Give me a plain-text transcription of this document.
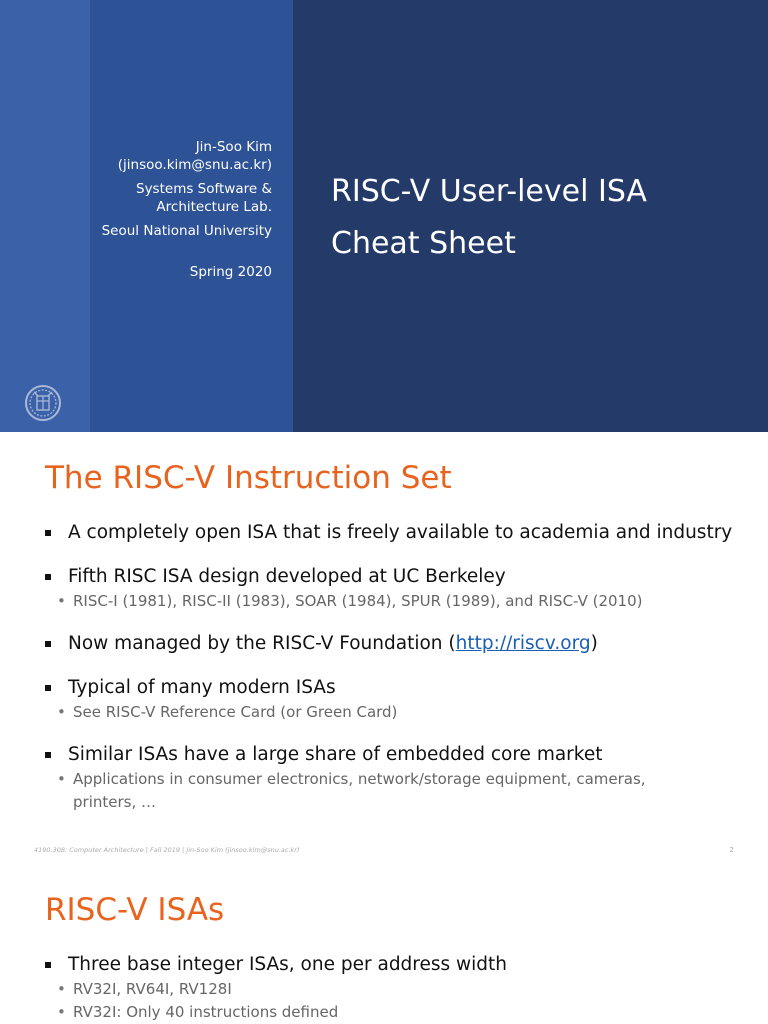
Jin-Soo Kim
(jinsoo.kim@snu.ac.kr)
Systems Software &
Architecture Lab.
Seoul National University
Spring 2020
RISC-V User-level ISA
Cheat Sheet
The RISC-V Instruction Set
A completely open ISA that is freely available to academia and industry
Fifth RISC ISA design developed at UC Berkeley
• RISC-I (1981), RISC-II (1983), SOAR (1984), SPUR (1989), and RISC-V (2010)
Now managed by the RISC-V Foundation (http://riscv.org)
Typical of many modern ISAs
• See RISC-V Reference Card (or Green Card)
Similar ISAs have a large share of embedded core market
• Applications in consumer electronics, network/storage equipment, cameras, printers, …
4190.308: Computer Architecture | Fall 2019 | Jin-Soo Kim (jinsoo.kim@snu.ac.kr)	2
RISC-V ISAs
Three base integer ISAs, one per address width
• RV32I, RV64I, RV128I
• RV32I: Only 40 instructions defined
